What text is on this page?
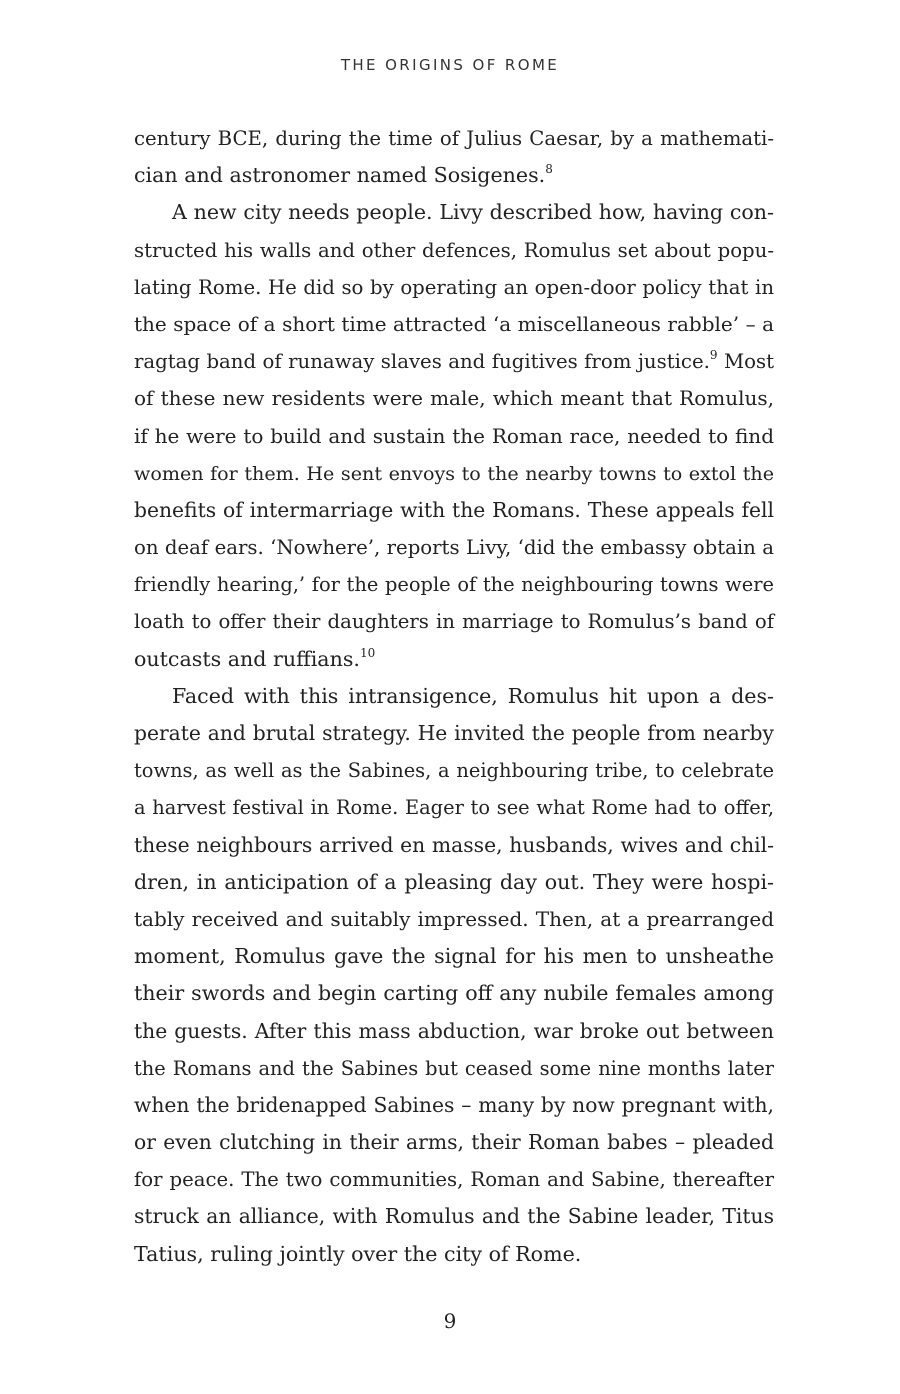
THE ORIGINS OF ROME
century BCE, during the time of Julius Caesar, by a mathemati-
cian and astronomer named Sosigenes.$^8$
A new city needs people. Livy described how, having con-
structed his walls and other defences, Romulus set about popu-
lating Rome. He did so by operating an open-door policy that in
the space of a short time attracted ‘a miscellaneous rabble’ – a
ragtag band of runaway slaves and fugitives from justice.$^9$ Most
of these new residents were male, which meant that Romulus,
if he were to build and sustain the Roman race, needed to find
women for them. He sent envoys to the nearby towns to extol the
benefits of intermarriage with the Romans. These appeals fell
on deaf ears. ‘Nowhere’, reports Livy, ‘did the embassy obtain a
friendly hearing,’ for the people of the neighbouring towns were
loath to offer their daughters in marriage to Romulus’s band of
outcasts and ruffians.$^{10}$
Faced with this intransigence, Romulus hit upon a des-
perate and brutal strategy. He invited the people from nearby
towns, as well as the Sabines, a neighbouring tribe, to celebrate
a harvest festival in Rome. Eager to see what Rome had to offer,
these neighbours arrived en masse, husbands, wives and chil-
dren, in anticipation of a pleasing day out. They were hospi-
tably received and suitably impressed. Then, at a prearranged
moment, Romulus gave the signal for his men to unsheathe
their swords and begin carting off any nubile females among
the guests. After this mass abduction, war broke out between
the Romans and the Sabines but ceased some nine months later
when the bridenapped Sabines – many by now pregnant with,
or even clutching in their arms, their Roman babes – pleaded
for peace. The two communities, Roman and Sabine, thereafter
struck an alliance, with Romulus and the Sabine leader, Titus
Tatius, ruling jointly over the city of Rome.
9
